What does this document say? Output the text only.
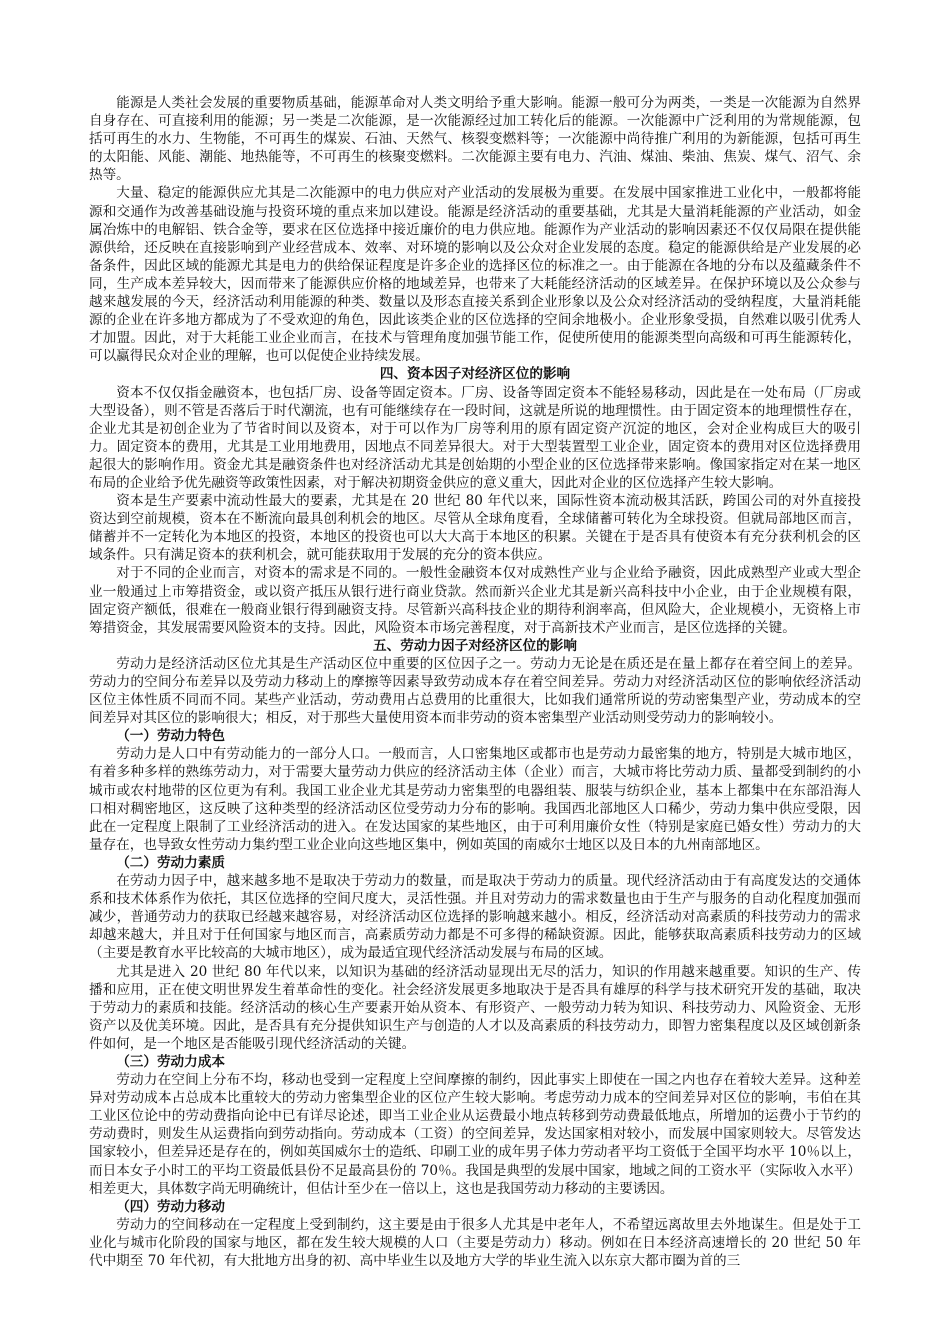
能源是人类社会发展的重要物质基础，能源革命对人类文明给予重大影响。能源一般可分为两类，一类是一次能源为自然界自身存在、可直接利用的能源；另一类是二次能源，是一次能源经过加工转化后的能源。一次能源中广泛利用的为常规能源，包括可再生的水力、生物能，不可再生的煤炭、石油、天然气、核裂变燃料等；一次能源中尚待推广利用的为新能源，包括可再生的太阳能、风能、潮能、地热能等，不可再生的核聚变燃料。二次能源主要有电力、汽油、煤油、柴油、焦炭、煤气、沼气、余热等。

大量、稳定的能源供应尤其是二次能源中的电力供应对产业活动的发展极为重要。在发展中国家推进工业化中，一般都将能源和交通作为改善基础设施与投资环境的重点来加以建设。能源是经济活动的重要基础，尤其是大量消耗能源的产业活动，如金属冶炼中的电解铝、铁合金等，要求在区位选择中接近廉价的电力供应地。能源作为产业活动的影响因素还不仅仅局限在提供能源供给，还反映在直接影响到产业经营成本、效率、对环境的影响以及公众对企业发展的态度。稳定的能源供给是产业发展的必备条件，因此区域的能源尤其是电力的供给保证程度是许多企业的选择区位的标准之一。由于能源在各地的分布以及蕴藏条件不同，生产成本差异较大，因而带来了能源供应价格的地域差异，也带来了大耗能经济活动的区域差异。在保护环境以及公众参与越来越发展的今天，经济活动利用能源的种类、数量以及形态直接关系到企业形象以及公众对经济活动的受纳程度，大量消耗能源的企业在许多地方都成为了不受欢迎的角色，因此该类企业的区位选择的空间余地极小。企业形象受损，自然难以吸引优秀人才加盟。因此，对于大耗能工业企业而言，在技术与管理角度加强节能工作，促使所使用的能源类型向高级和可再生能源转化，可以赢得民众对企业的理解，也可以促使企业持续发展。

四、资本因子对经济区位的影响

资本不仅仅指金融资本，也包括厂房、设备等固定资本。厂房、设备等固定资本不能轻易移动，因此是在一处布局（厂房或大型设备），则不管是否落后于时代潮流，也有可能继续存在一段时间，这就是所说的地理惯性。由于固定资本的地理惯性存在，企业尤其是初创企业为了节省时间以及资本，对于可以作为厂房等利用的原有固定资产沉淀的地区，会对企业构成巨大的吸引力。固定资本的费用，尤其是工业用地费用，因地点不同差异很大。对于大型装置型工业企业，固定资本的费用对区位选择费用起很大的影响作用。资金尤其是融资条件也对经济活动尤其是创始期的小型企业的区位选择带来影响。像国家指定对在某一地区布局的企业给予优先融资等政策性因素，对于解决初期资金供应的意义重大，因此对企业的区位选择产生较大影响。

资本是生产要素中流动性最大的要素，尤其是在 20 世纪 80 年代以来，国际性资本流动极其活跃，跨国公司的对外直接投资达到空前规模，资本在不断流向最具创利机会的地区。尽管从全球角度看，全球储蓄可转化为全球投资。但就局部地区而言，储蓄并不一定转化为本地区的投资，本地区的投资也可以大大高于本地区的积累。关键在于是否具有使资本有充分获利机会的区域条件。只有满足资本的获利机会，就可能获取用于发展的充分的资本供应。

对于不同的企业而言，对资本的需求是不同的。一般性金融资本仅对成熟性产业与企业给予融资，因此成熟型产业或大型企业一般通过上市筹措资金，或以资产抵压从银行进行商业贷款。然而新兴企业尤其是新兴高科技中小企业，由于企业规模有限，固定资产额低，很难在一般商业银行得到融资支持。尽管新兴高科技企业的期待利润率高，但风险大，企业规模小，无资格上市筹措资金，其发展需要风险资本的支持。因此，风险资本市场完善程度，对于高新技术产业而言，是区位选择的关键。

五、劳动力因子对经济区位的影响

劳动力是经济活动区位尤其是生产活动区位中重要的区位因子之一。劳动力无论是在质还是在量上都存在着空间上的差异。劳动力的空间分布差异以及劳动力移动上的摩擦等因素导致劳动成本存在着空间差异。劳动力对经济活动区位的影响依经济活动区位主体性质不同而不同。某些产业活动，劳动费用占总费用的比重很大，比如我们通常所说的劳动密集型产业，劳动成本的空间差异对其区位的影响很大；相反，对于那些大量使用资本而非劳动的资本密集型产业活动则受劳动力的影响较小。

（一）劳动力特色

劳动力是人口中有劳动能力的一部分人口。一般而言，人口密集地区或都市也是劳动力最密集的地方，特别是大城市地区，有着多种多样的熟练劳动力，对于需要大量劳动力供应的经济活动主体（企业）而言，大城市将比劳动力质、量都受到制约的小城市或农村地带的区位更为有利。我国工业企业尤其是劳动力密集型的电器组装、服装与纺织企业，基本上都集中在东部沿海人口相对稠密地区，这反映了这种类型的经济活动区位受劳动力分布的影响。我国西北部地区人口稀少，劳动力集中供应受限，因此在一定程度上限制了工业经济活动的进入。在发达国家的某些地区，由于可利用廉价女性（特别是家庭已婚女性）劳动力的大量存在，也导致女性劳动力集约型工业企业向这些地区集中，例如英国的南威尔士地区以及日本的九州南部地区。

（二）劳动力素质

在劳动力因子中，越来越多地不是取决于劳动力的数量，而是取决于劳动力的质量。现代经济活动由于有高度发达的交通体系和技术体系作为依托，其区位选择的空间尺度大，灵活性强。并且对劳动力的需求数量也由于生产与服务的自动化程度加强而减少，普通劳动力的获取已经越来越容易，对经济活动区位选择的影响越来越小。相反，经济活动对高素质的科技劳动力的需求却越来越大，并且对于任何国家与地区而言，高素质劳动力都是不可多得的稀缺资源。因此，能够获取高素质科技劳动力的区域（主要是教育水平比较高的大城市地区），成为最适宜现代经济活动发展与布局的区域。

尤其是进入 20 世纪 80 年代以来，以知识为基础的经济活动显现出无尽的活力，知识的作用越来越重要。知识的生产、传播和应用，正在使文明世界发生着革命性的变化。社会经济发展更多地取决于是否具有雄厚的科学与技术研究开发的基础，取决于劳动力的素质和技能。经济活动的核心生产要素开始从资本、有形资产、一般劳动力转为知识、科技劳动力、风险资金、无形资产以及优美环境。因此，是否具有充分提供知识生产与创造的人才以及高素质的科技劳动力，即智力密集程度以及区域创新条件如何，是一个地区是否能吸引现代经济活动的关键。

（三）劳动力成本

劳动力在空间上分布不均，移动也受到一定程度上空间摩擦的制约，因此事实上即使在一国之内也存在着较大差异。这种差异对劳动成本占总成本比重较大的劳动力密集型企业的区位产生较大影响。考虑劳动力成本的空间差异对区位的影响，韦伯在其工业区位论中的劳动费指向论中已有详尽论述，即当工业企业从运费最小地点转移到劳动费最低地点，所增加的运费小于节约的劳动费时，则发生从运费指向到劳动指向。劳动成本（工资）的空间差异，发达国家相对较小，而发展中国家则较大。尽管发达国家较小，但差异还是存在的，例如英国威尔士的造纸、印刷工业的成年男子体力劳动者平均工资低于全国平均水平 10％以上，而日本女子小时工的平均工资最低县份不足最高县份的 70％。我国是典型的发展中国家，地域之间的工资水平（实际收入水平）相差更大，具体数字尚无明确统计，但估计至少在一倍以上，这也是我国劳动力移动的主要诱因。

（四）劳动力移动

劳动力的空间移动在一定程度上受到制约，这主要是由于很多人尤其是中老年人，不希望远离故里去外地谋生。但是处于工业化与城市化阶段的国家与地区，都在发生较大规模的人口（主要是劳动力）移动。例如在日本经济高速增长的 20 世纪 50 年代中期至 70 年代初，有大批地方出身的初、高中毕业生以及地方大学的毕业生流入以东京大都市圈为首的三
